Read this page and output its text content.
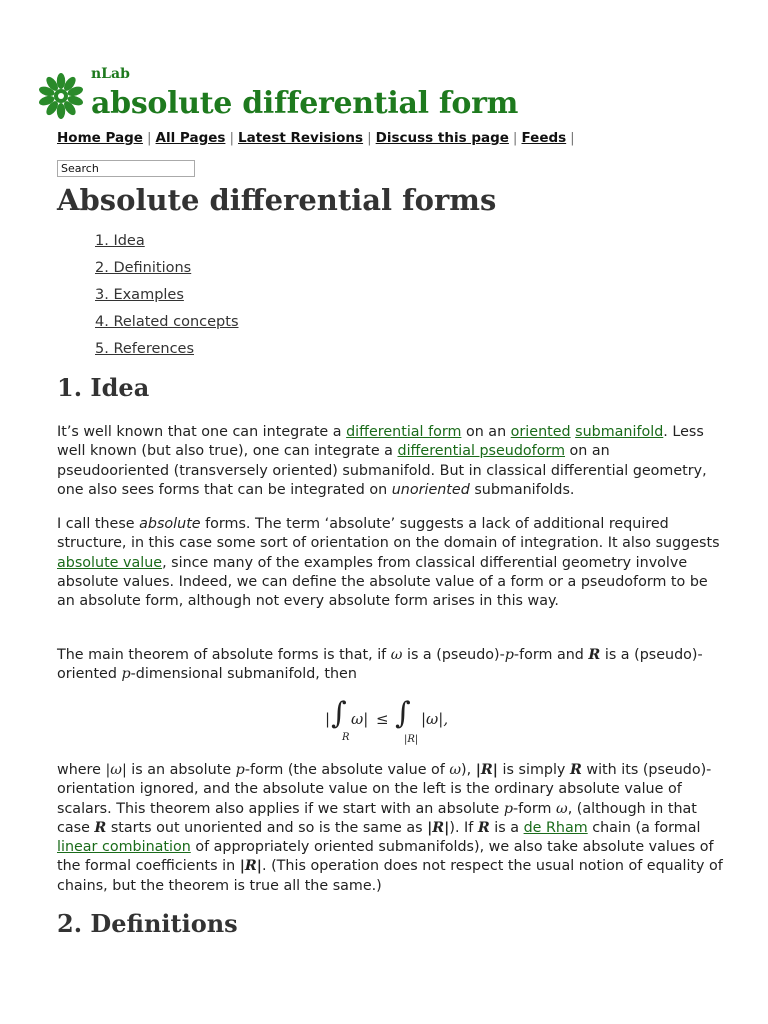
nLab
absolute differential form
Home Page | All Pages | Latest Revisions | Discuss this page | Feeds |
Search
Absolute differential forms
1. Idea
2. Definitions
3. Examples
4. Related concepts
5. References
1. Idea

It’s well known that one can integrate a differential form on an oriented submanifold. Less well known (but also true), one can integrate a differential pseudoform on an pseudooriented (transversely oriented) submanifold. But in classical differential geometry, one also sees forms that can be integrated on unoriented submanifolds.

I call these absolute forms. The term ‘absolute’ suggests a lack of additional required structure, in this case some sort of orientation on the domain of integration. It also suggests absolute value, since many of the examples from classical differential geometry involve absolute values. Indeed, we can define the absolute value of a form or a pseudoform to be an absolute form, although not every absolute form arises in this way.

The main theorem of absolute forms is that, if ω is a (pseudo)-p-form and R is a (pseudo)-oriented p-dimensional submanifold, then

| ∫
R
ω| ≤ ∫
|R|
|ω|,

where |ω| is an absolute p-form (the absolute value of ω), |R| is simply R with its (pseudo)-orientation ignored, and the absolute value on the left is the ordinary absolute value of scalars. This theorem also applies if we start with an absolute p-form ω, (although in that case R starts out unoriented and so is the same as |R|). If R is a de Rham chain (a formal linear combination of appropriately oriented submanifolds), we also take absolute values of the formal coefficients in |R|. (This operation does not respect the usual notion of equality of chains, but the theorem is true all the same.)

2. Definitions
